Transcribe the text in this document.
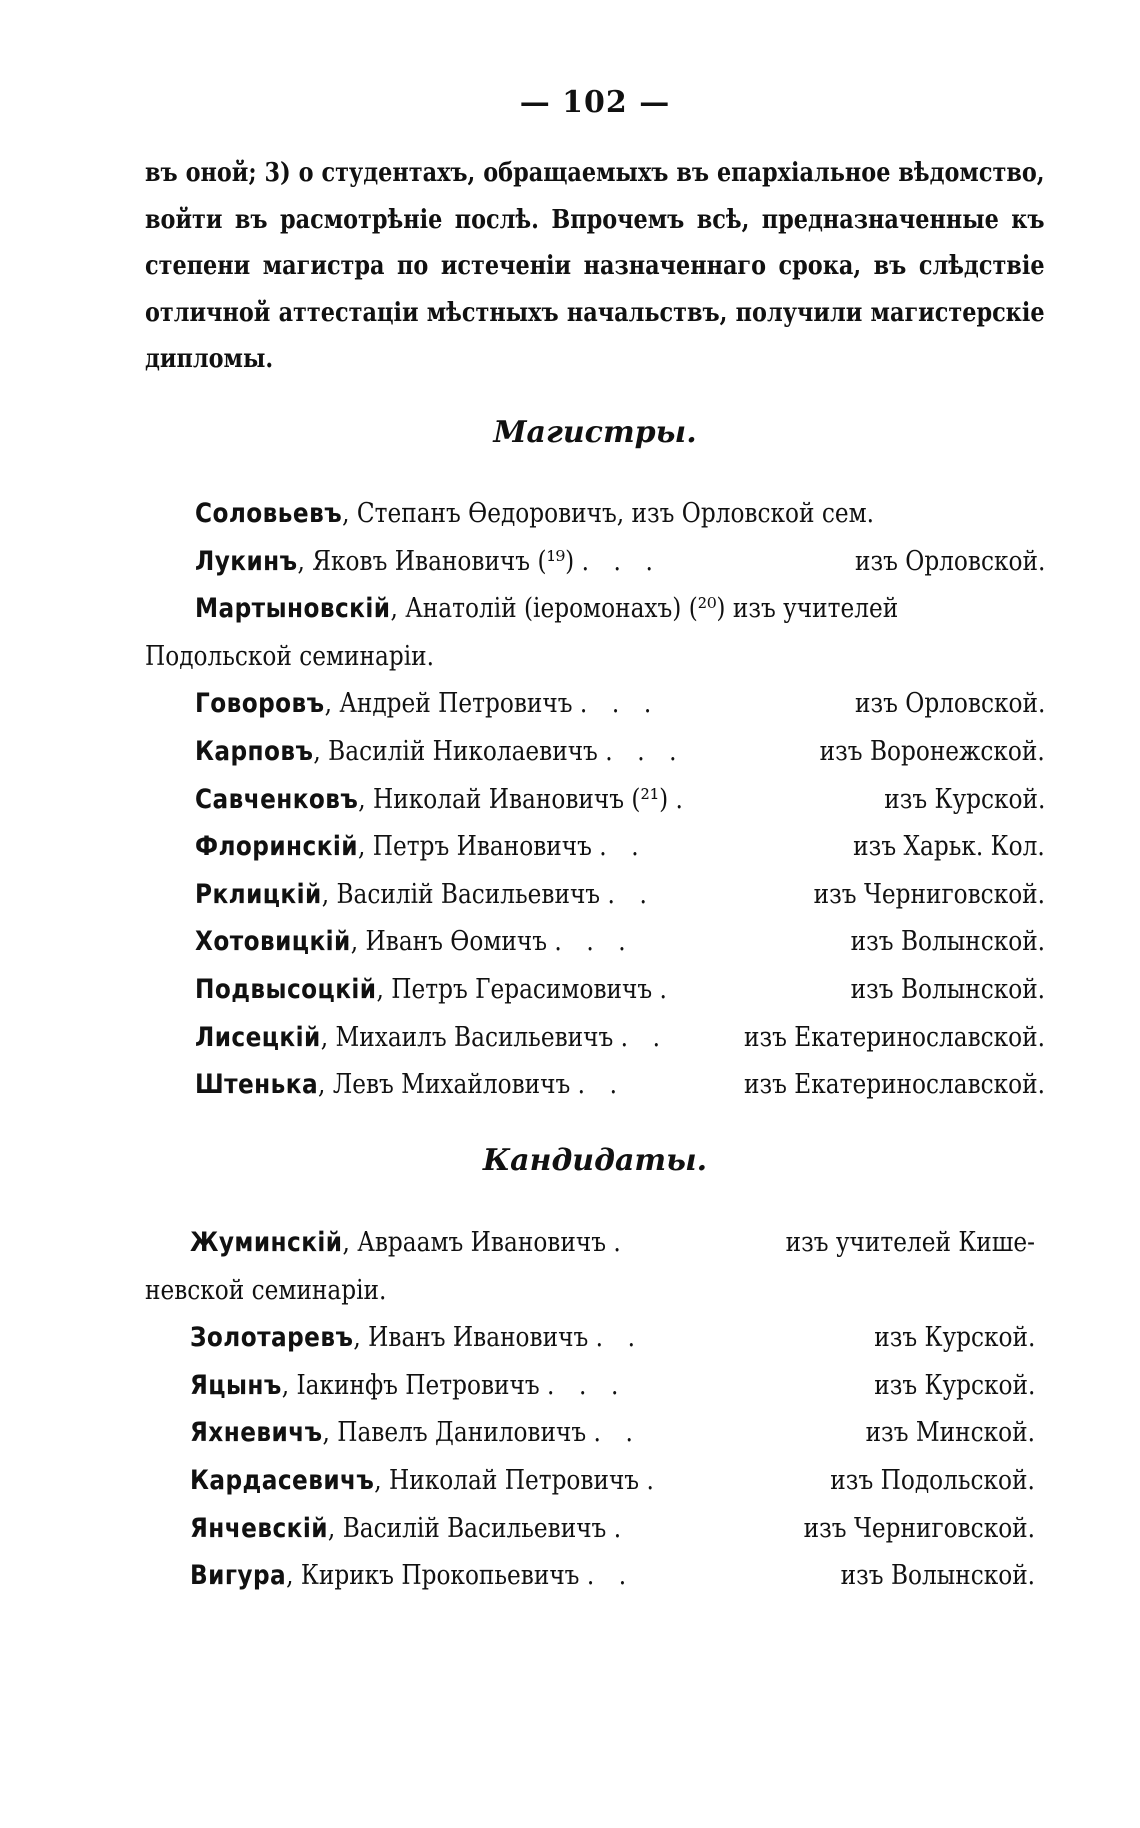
— 102 —
въ оной; 3) о студентахъ, обращаемыхъ въ епархіальное вѣдомство, войти въ расмотрѣніе послѣ. Впрочемъ всѣ, предназначенные къ степени магистра по истеченіи назначеннаго срока, въ слѣдствіе отличной аттестаціи мѣстныхъ начальствъ, получили магистерскіе дипломы.
Магистры.
Соловьевъ, Степанъ Ѳедоровичъ, изъ Орловской сем.
Лукинъ, Яковъ Ивановичъ (¹⁹) . . .	изъ Орловской.
Мартыновскій, Анатолій (іеромонахъ) (²⁰) изъ учителей
Подольской семинаріи.
Говоровъ, Андрей Петровичъ . . .	изъ Орловской.
Карповъ, Василій Николаевичъ . . .	изъ Воронежской.
Савченковъ, Николай Ивановичъ (²¹) .	изъ Курской.
Флоринскій, Петръ Ивановичъ . .	изъ Харьк. Кол.
Рклицкій, Василій Васильевичъ . .	изъ Черниговской.
Хотовицкій, Иванъ Ѳомичъ . . .	изъ Волынской.
Подвысоцкій, Петръ Герасимовичъ .	изъ Волынской.
Лисецкій, Михаилъ Васильевичъ . .	изъ Екатеринославской.
Штенька, Левъ Михайловичъ . .	изъ Екатеринославской.
Кандидаты.
Жуминскій, Авраамъ Ивановичъ .	изъ учителей Кише-
невской семинаріи.
Золотаревъ, Иванъ Ивановичъ . .	изъ Курской.
Яцынъ, Іакинфъ Петровичъ . . .	изъ Курской.
Яхневичъ, Павелъ Даниловичъ . .	изъ Минской.
Кардасевичъ, Николай Петровичъ .	изъ Подольской.
Янчевскій, Василій Васильевичъ .	изъ Черниговской.
Вигура, Кирикъ Прокопьевичъ . .	изъ Волынской.
